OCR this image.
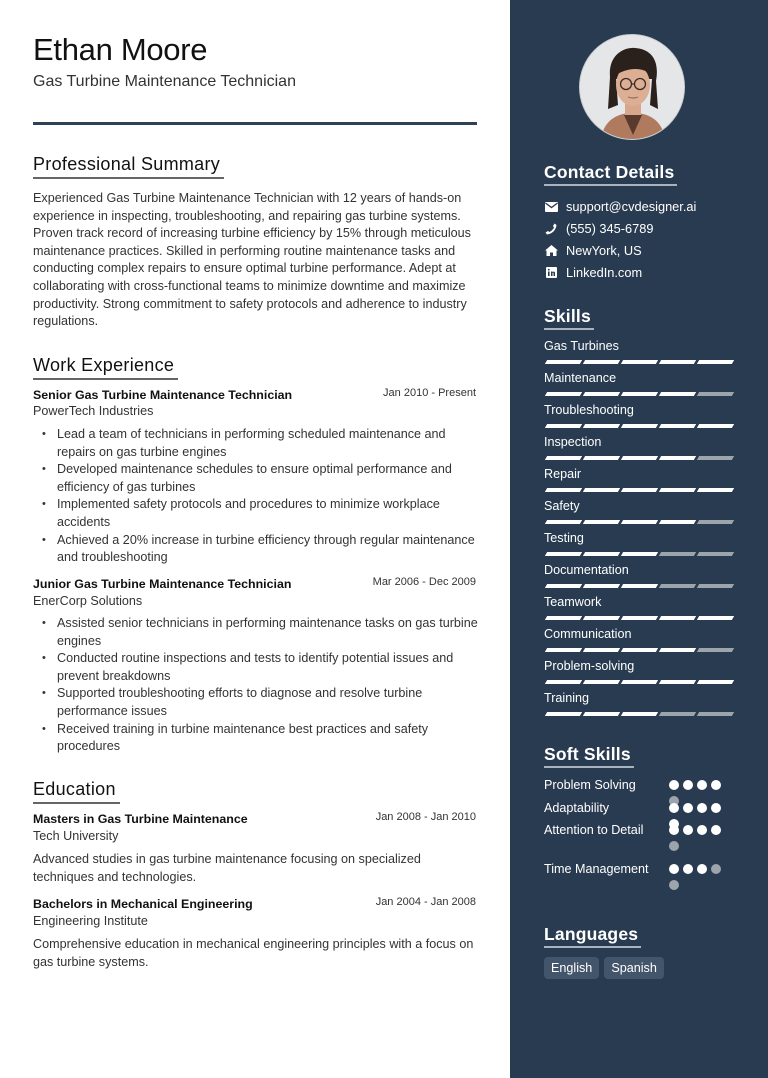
Ethan Moore
Gas Turbine Maintenance Technician
Professional Summary
Experienced Gas Turbine Maintenance Technician with 12 years of hands-on experience in inspecting, troubleshooting, and repairing gas turbine systems. Proven track record of increasing turbine efficiency by 15% through meticulous maintenance practices. Skilled in performing routine maintenance tasks and conducting complex repairs to ensure optimal turbine performance. Adept at collaborating with cross-functional teams to minimize downtime and maximize productivity. Strong commitment to safety protocols and adherence to industry regulations.
Work Experience
Senior Gas Turbine Maintenance Technician	Jan 2010 - Present
PowerTech Industries
• Lead a team of technicians in performing scheduled maintenance and repairs on gas turbine engines
• Developed maintenance schedules to ensure optimal performance and efficiency of gas turbines
• Implemented safety protocols and procedures to minimize workplace accidents
• Achieved a 20% increase in turbine efficiency through regular maintenance and troubleshooting
Junior Gas Turbine Maintenance Technician	Mar 2006 - Dec 2009
EnerCorp Solutions
• Assisted senior technicians in performing maintenance tasks on gas turbine engines
• Conducted routine inspections and tests to identify potential issues and prevent breakdowns
• Supported troubleshooting efforts to diagnose and resolve turbine performance issues
• Received training in turbine maintenance best practices and safety procedures
Education
Masters in Gas Turbine Maintenance	Jan 2008 - Jan 2010
Tech University
Advanced studies in gas turbine maintenance focusing on specialized techniques and technologies.
Bachelors in Mechanical Engineering	Jan 2004 - Jan 2008
Engineering Institute
Comprehensive education in mechanical engineering principles with a focus on gas turbine systems.
Contact Details
support@cvdesigner.ai
(555) 345-6789
NewYork, US
LinkedIn.com
Skills
Gas Turbines
Maintenance
Troubleshooting
Inspection
Repair
Safety
Testing
Documentation
Teamwork
Communication
Problem-solving
Training
Soft Skills
Problem Solving
Adaptability
Attention to Detail
Time Management
Languages
English	Spanish
